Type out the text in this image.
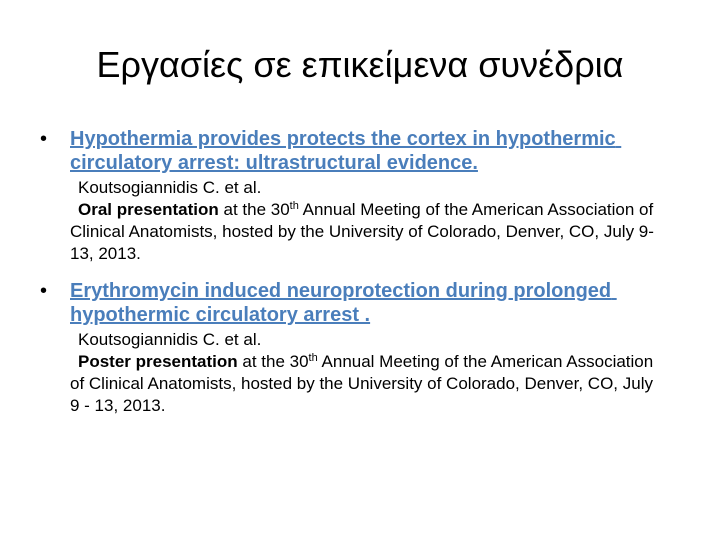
Εργασίες σε επικείμενα συνέδρια
• Hypothermia provides protects the cortex in hypothermic circulatory arrest: ultrastructural evidence.
Koutsogiannidis C. et al.
Oral presentation at the 30th Annual Meeting of the American Association of Clinical Anatomists, hosted by the University of Colorado, Denver, CO, July 9-13, 2013.
• Erythromycin induced neuroprotection during prolonged hypothermic circulatory arrest .
Koutsogiannidis C. et al.
Poster presentation at the 30th Annual Meeting of the American Association of Clinical Anatomists, hosted by the University of Colorado, Denver, CO, July 9 - 13, 2013.
